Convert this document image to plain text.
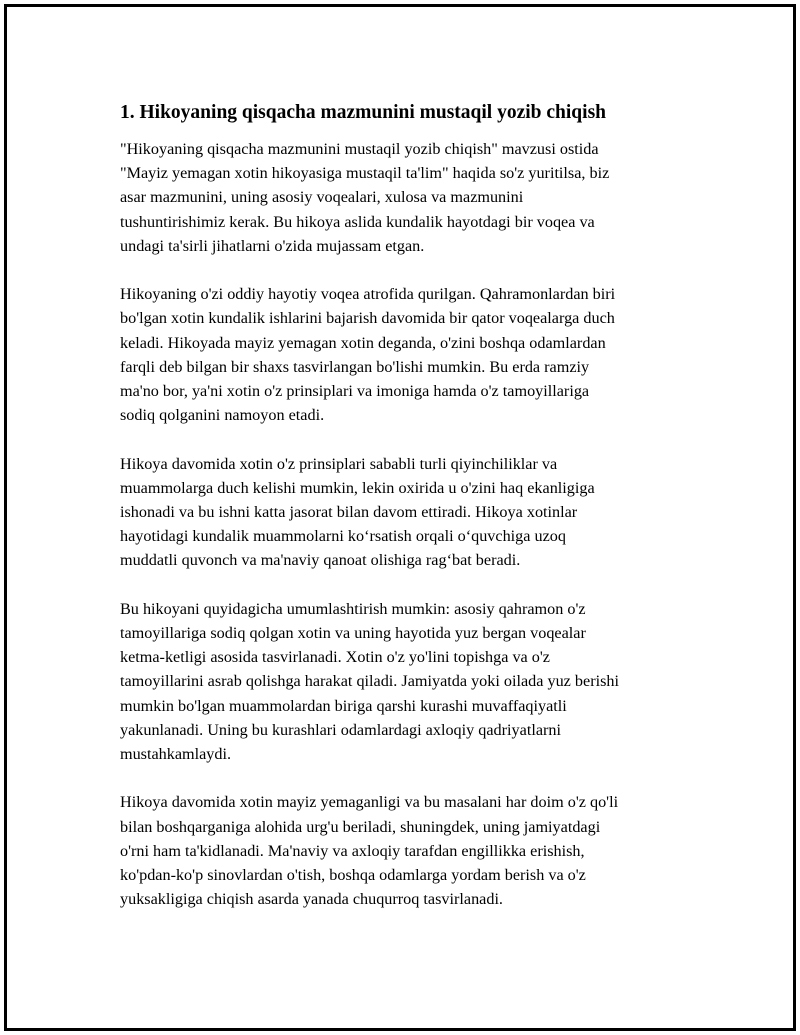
1. Hikoyaning qisqacha mazmunini mustaqil yozib chiqish

"Hikoyaning qisqacha mazmunini mustaqil yozib chiqish" mavzusi ostida
"Mayiz yemagan xotin hikoyasiga mustaqil ta'lim" haqida so'z yuritilsa, biz
asar mazmunini, uning asosiy voqealari, xulosa va mazmunini
tushuntirishimiz kerak. Bu hikoya aslida kundalik hayotdagi bir voqea va
undagi ta'sirli jihatlarni o'zida mujassam etgan.

Hikoyaning o'zi oddiy hayotiy voqea atrofida qurilgan. Qahramonlardan biri
bo'lgan xotin kundalik ishlarini bajarish davomida bir qator voqealarga duch
keladi. Hikoyada mayiz yemagan xotin deganda, o'zini boshqa odamlardan
farqli deb bilgan bir shaxs tasvirlangan bo'lishi mumkin. Bu erda ramziy
ma'no bor, ya'ni xotin o'z prinsiplari va imoniga hamda o'z tamoyillariga
sodiq qolganini namoyon etadi.

Hikoya davomida xotin o'z prinsiplari sababli turli qiyinchiliklar va
muammolarga duch kelishi mumkin, lekin oxirida u o'zini haq ekanligiga
ishonadi va bu ishni katta jasorat bilan davom ettiradi. Hikoya xotinlar
hayotidagi kundalik muammolarni ko‘rsatish orqali o‘quvchiga uzoq
muddatli quvonch va ma'naviy qanoat olishiga rag‘bat beradi.

Bu hikoyani quyidagicha umumlashtirish mumkin: asosiy qahramon o'z
tamoyillariga sodiq qolgan xotin va uning hayotida yuz bergan voqealar
ketma-ketligi asosida tasvirlanadi. Xotin o'z yo'lini topishga va o'z
tamoyillarini asrab qolishga harakat qiladi. Jamiyatda yoki oilada yuz berishi
mumkin bo'lgan muammolardan biriga qarshi kurashi muvaffaqiyatli
yakunlanadi. Uning bu kurashlari odamlardagi axloqiy qadriyatlarni
mustahkamlaydi.

Hikoya davomida xotin mayiz yemaganligi va bu masalani har doim o'z qo'li
bilan boshqarganiga alohida urg'u beriladi, shuningdek, uning jamiyatdagi
o'rni ham ta'kidlanadi. Ma'naviy va axloqiy tarafdan engillikka erishish,
ko'pdan-ko'p sinovlardan o'tish, boshqa odamlarga yordam berish va o'z
yuksakligiga chiqish asarda yanada chuqurroq tasvirlanadi.
